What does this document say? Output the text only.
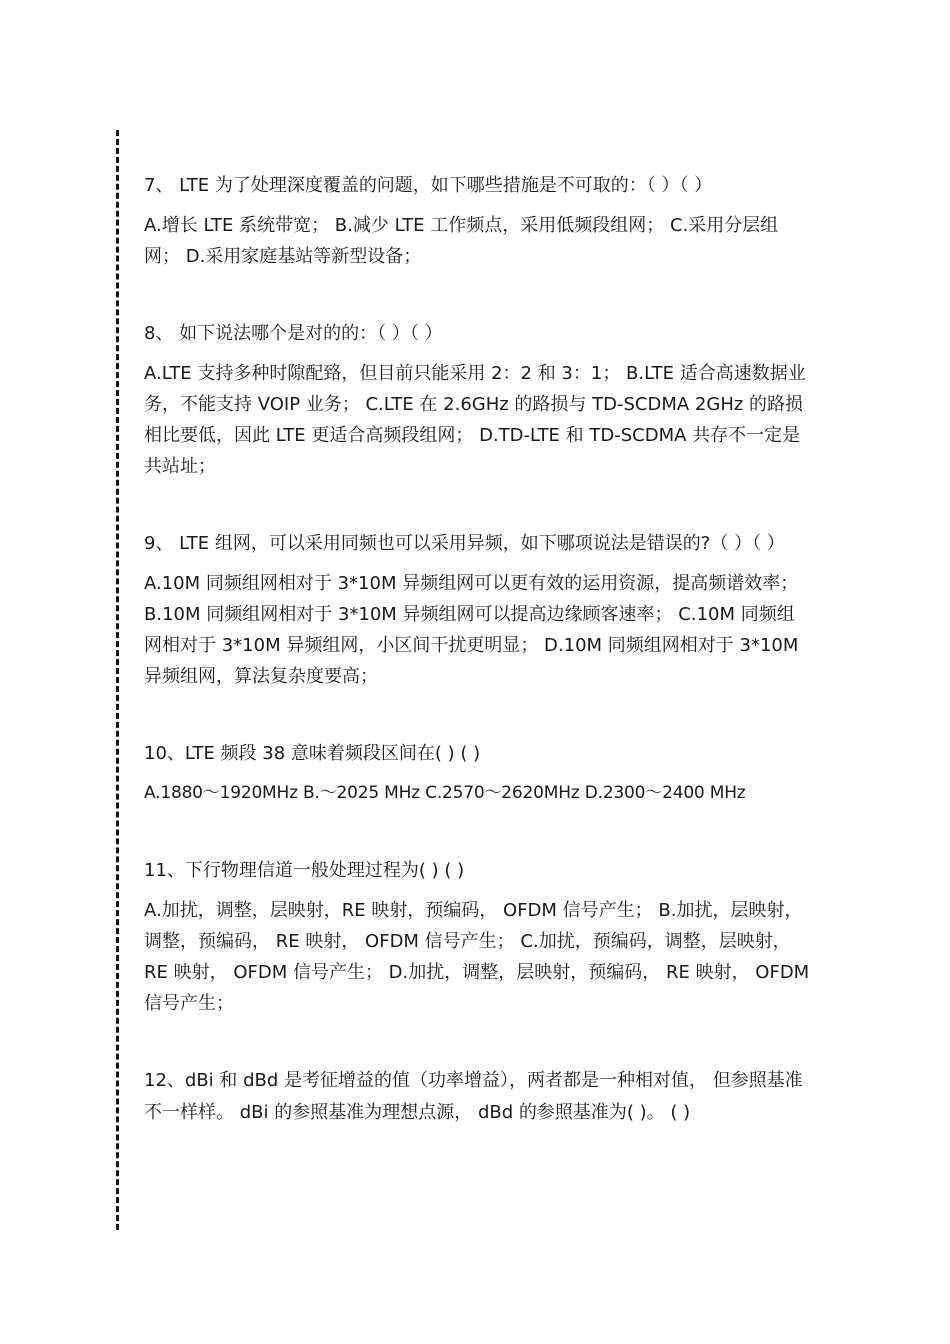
7、 LTE 为了处理深度覆盖的问题，如下哪些措施是不可取的：（ ）（ ）

A.增长 LTE 系统带宽； B.减少 LTE 工作频点，采用低频段组网； C.采用分层组网； D.采用家庭基站等新型设备；

8、 如下说法哪个是对的的：（ ）（ ）

A.LTE 支持多种时隙配臵，但目前只能采用 2：2 和 3：1； B.LTE 适合高速数据业务，不能支持 VOIP 业务； C.LTE 在 2.6GHz 的路损与 TD-SCDMA 2GHz 的路损相比要低，因此 LTE 更适合高频段组网； D.TD-LTE 和 TD-SCDMA 共存不一定是共站址；

9、 LTE 组网，可以采用同频也可以采用异频，如下哪项说法是错误的?（ ）（ ）

A.10M 同频组网相对于 3*10M 异频组网可以更有效的运用资源，提高频谱效率； B.10M 同频组网相对于 3*10M 异频组网可以提高边缘顾客速率； C.10M 同频组网相对于 3*10M 异频组网，小区间干扰更明显； D.10M 同频组网相对于 3*10M 异频组网，算法复杂度要高；

10、LTE 频段 38 意味着频段区间在( ) ( )

A.1880～1920MHz B.～2025 MHz C.2570～2620MHz D.2300～2400 MHz

11、下行物理信道一般处理过程为( ) ( )

A.加扰，调整，层映射，RE 映射，预编码， OFDM 信号产生； B.加扰，层映射，调整，预编码， RE 映射， OFDM 信号产生； C.加扰，预编码，调整，层映射， RE 映射， OFDM 信号产生； D.加扰，调整，层映射，预编码， RE 映射， OFDM 信号产生；

12、dBi 和 dBd 是考征增益的值（功率增益），两者都是一种相对值， 但参照基准 不一样样。 dBi 的参照基准为理想点源， dBd 的参照基准为( )。 ( )
